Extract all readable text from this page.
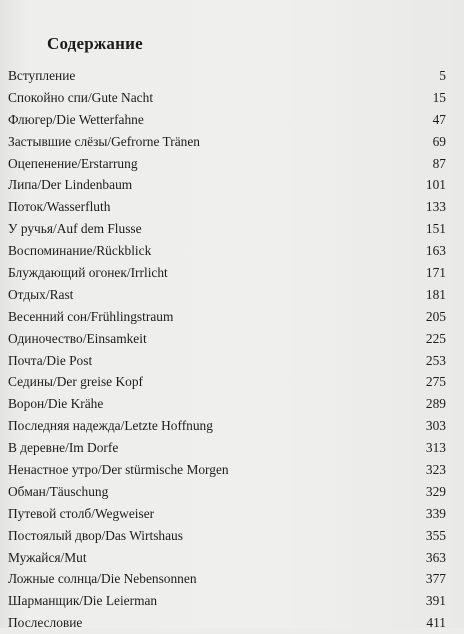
Содержание
Вступление	5
Спокойно спи/Gute Nacht	15
Флюгер/Die Wetterfahne	47
Застывшие слёзы/Gefrorne Tränen	69
Оцепенение/Erstarrung	87
Липа/Der Lindenbaum	101
Поток/Wasserfluth	133
У ручья/Auf dem Flusse	151
Воспоминание/Rückblick	163
Блуждающий огонек/Irrlicht	171
Отдых/Rast	181
Весенний сон/Frühlingstraum	205
Одиночество/Einsamkeit	225
Почта/Die Post	253
Седины/Der greise Kopf	275
Ворон/Die Krähe	289
Последняя надежда/Letzte Hoffnung	303
В деревне/Im Dorfe	313
Ненастное утро/Der stürmische Morgen	323
Обман/Täuschung	329
Путевой столб/Wegweiser	339
Постоялый двор/Das Wirtshaus	355
Мужайся/Mut	363
Ложные солнца/Die Nebensonnen	377
Шарманщик/Die Leierman	391
Послесловие	411
